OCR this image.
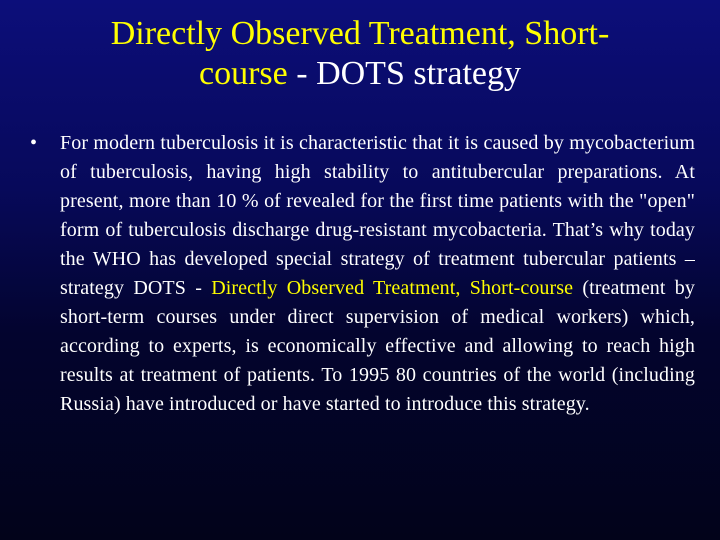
Directly Observed Treatment, Short-
course - DOTS strategy
•	For modern tuberculosis it is characteristic that it is caused by mycobacterium of tuberculosis, having high stability to antitubercular preparations. At present, more than 10 % of revealed for the first time patients with the "open" form of tuberculosis discharge drug-resistant mycobacteria. That’s why today the WHO has developed special strategy of treatment tubercular patients – strategy DOTS - Directly Observed Treatment, Short-course (treatment by short-term courses under direct supervision of medical workers) which, according to experts, is economically effective and allowing to reach high results at treatment of patients. To 1995 80 countries of the world (including Russia) have introduced or have started to introduce this strategy.
